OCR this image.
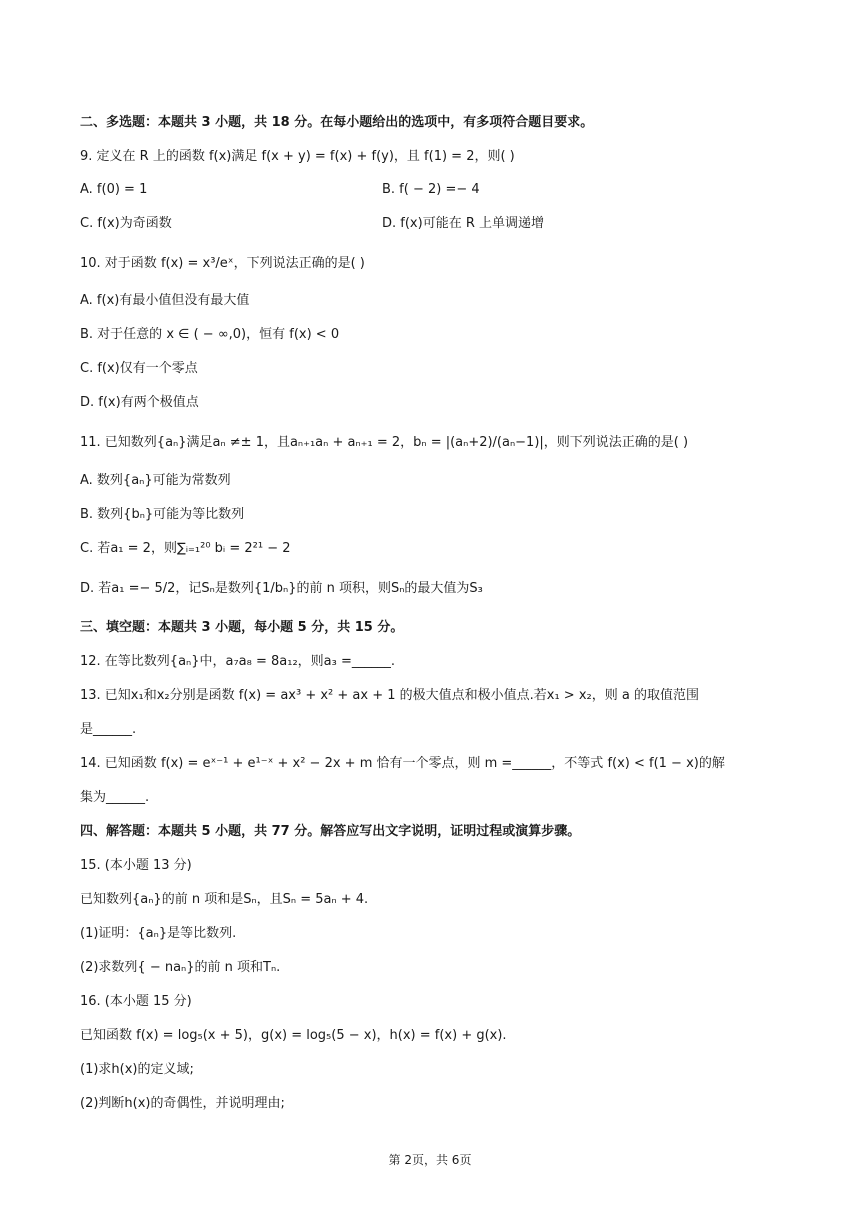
二、多选题：本题共 3 小题，共 18 分。在每小题给出的选项中，有多项符合题目要求。
9. 定义在 R 上的函数 f(x)满足 f(x + y) = f(x) + f(y)，且 f(1) = 2，则( )
A. f(0) = 1	B. f( − 2) =− 4
C. f(x)为奇函数	D. f(x)可能在 R 上单调递增
10. 对于函数 f(x) = x³/eˣ，下列说法正确的是( )
A. f(x)有最小值但没有最大值
B. 对于任意的 x ∈ ( − ∞,0)，恒有 f(x) < 0
C. f(x)仅有一个零点
D. f(x)有两个极值点
11. 已知数列{aₙ}满足aₙ ≠± 1，且aₙ₊₁aₙ + aₙ₊₁ = 2，bₙ = |(aₙ+2)/(aₙ−1)|，则下列说法正确的是( )
A. 数列{aₙ}可能为常数列
B. 数列{bₙ}可能为等比数列
C. 若a₁ = 2，则∑ᵢ₌₁²⁰ bᵢ = 2²¹ − 2
D. 若a₁ =− 5/2，记Sₙ是数列{1/bₙ}的前 n 项积，则Sₙ的最大值为S₃
三、填空题：本题共 3 小题，每小题 5 分，共 15 分。
12. 在等比数列{aₙ}中，a₇a₈ = 8a₁₂，则a₃ =______.
13. 已知x₁和x₂分别是函数 f(x) = ax³ + x² + ax + 1 的极大值点和极小值点.若x₁ > x₂，则 a 的取值范围
是______.
14. 已知函数 f(x) = eˣ⁻¹ + e¹⁻ˣ + x² − 2x + m 恰有一个零点，则 m =______，不等式 f(x) < f(1 − x)的解
集为______.
四、解答题：本题共 5 小题，共 77 分。解答应写出文字说明，证明过程或演算步骤。
15. (本小题 13 分)
已知数列{aₙ}的前 n 项和是Sₙ，且Sₙ = 5aₙ + 4.
(1)证明：{aₙ}是等比数列.
(2)求数列{ − naₙ}的前 n 项和Tₙ.
16. (本小题 15 分)
已知函数 f(x) = log₅(x + 5)，g(x) = log₅(5 − x)，h(x) = f(x) + g(x).
(1)求h(x)的定义域;
(2)判断h(x)的奇偶性，并说明理由;
第 2页，共 6页
